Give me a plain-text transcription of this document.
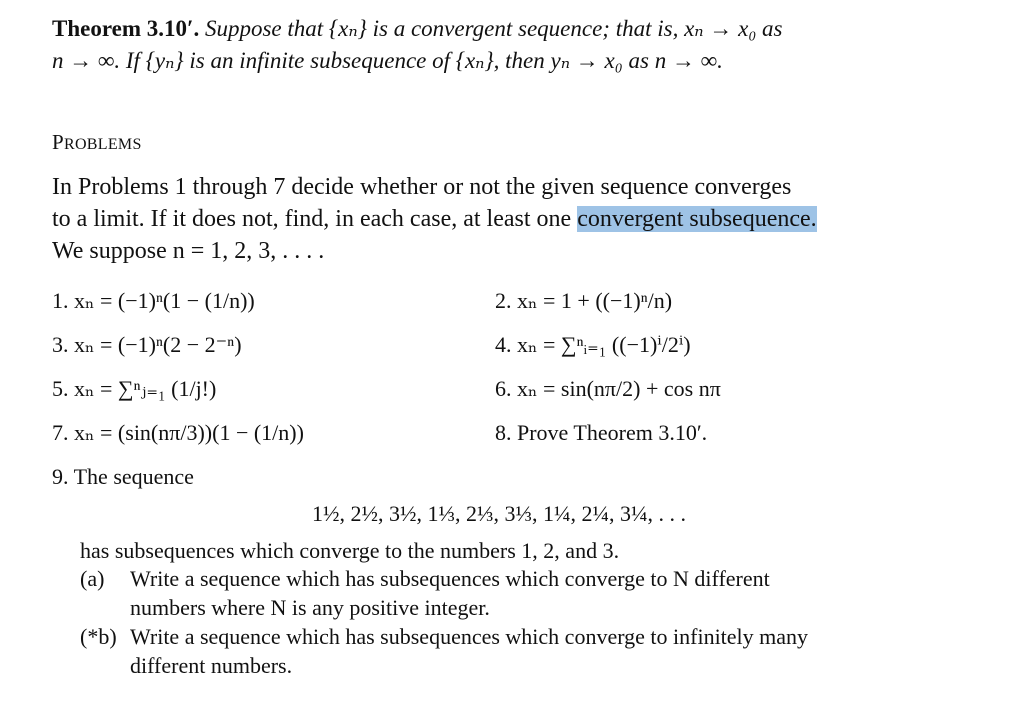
Theorem 3.10′. Suppose that {xₙ} is a convergent sequence; that is, xₙ → x₀ as
n → ∞. If {yₙ} is an infinite subsequence of {xₙ}, then yₙ → x₀ as n → ∞.
PROBLEMS
In Problems 1 through 7 decide whether or not the given sequence converges
to a limit. If it does not, find, in each case, at least one convergent subsequence.
We suppose n = 1, 2, 3, . . . .
1. xₙ = (−1)ⁿ(1 − (1/n))	2. xₙ = 1 + ((−1)ⁿ/n)
3. xₙ = (−1)ⁿ(2 − 2⁻ⁿ)	4. xₙ = ∑ⁿᵢ₌₁ ((−1)ⁱ/2ⁱ)
5. xₙ = ∑ⁿⱼ₌₁ (1/j!)	6. xₙ = sin(nπ/2) + cos nπ
7. xₙ = (sin(nπ/3))(1 − (1/n))	8. Prove Theorem 3.10′.
9. The sequence
1½, 2½, 3½, 1⅓, 2⅓, 3⅓, 1¼, 2¼, 3¼, . . .
has subsequences which converge to the numbers 1, 2, and 3.
(a) Write a sequence which has subsequences which converge to N different
numbers where N is any positive integer.
(*b) Write a sequence which has subsequences which converge to infinitely many
different numbers.
